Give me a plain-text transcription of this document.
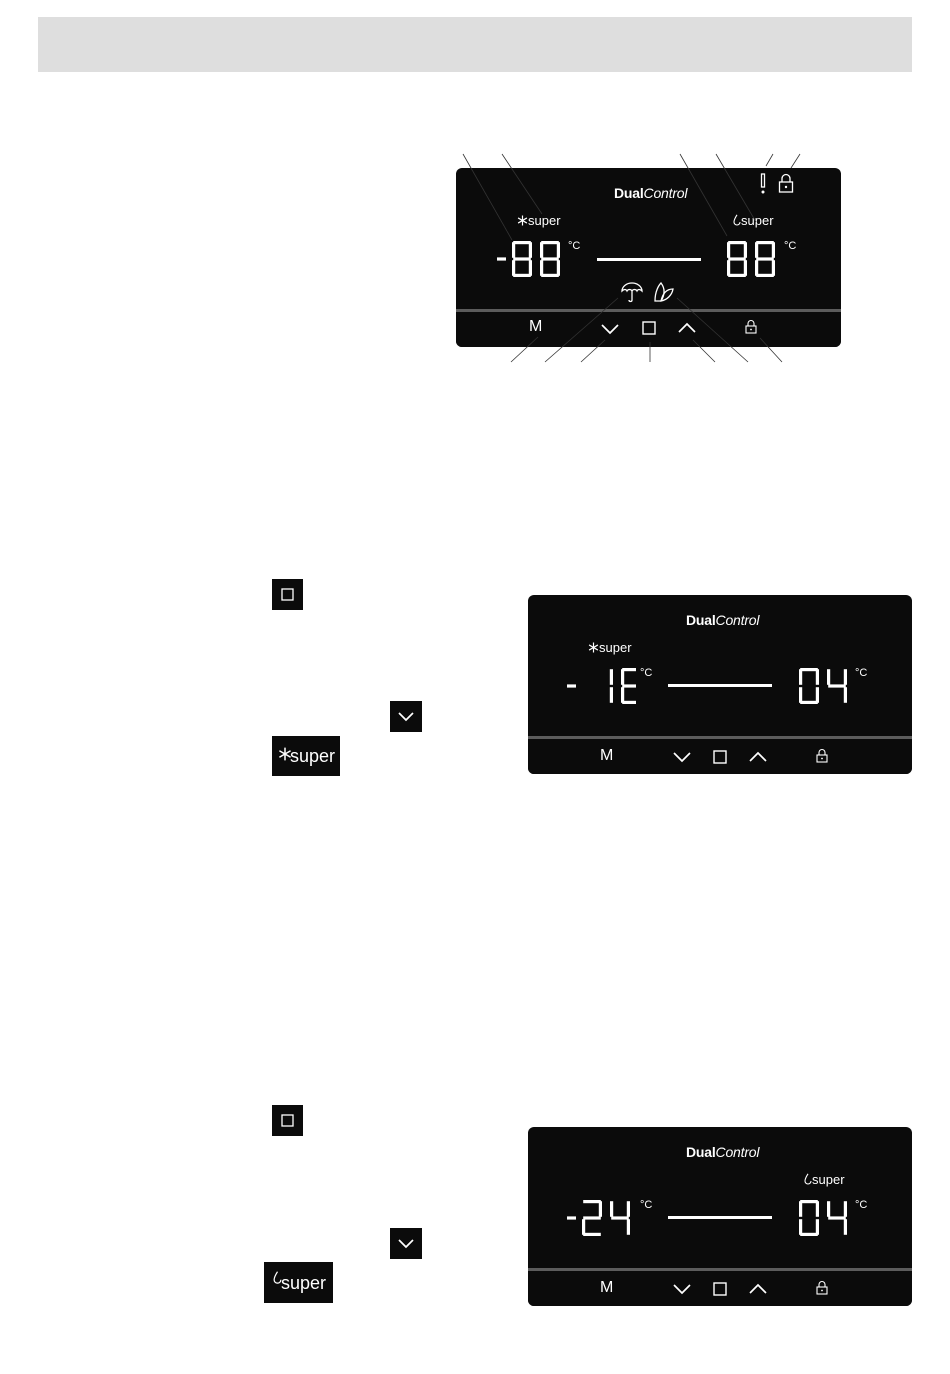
DualControl
super	super
°C	°C
M
super
DualControl
super
°C	°C
M
super
DualControl
super
°C	°C
M
